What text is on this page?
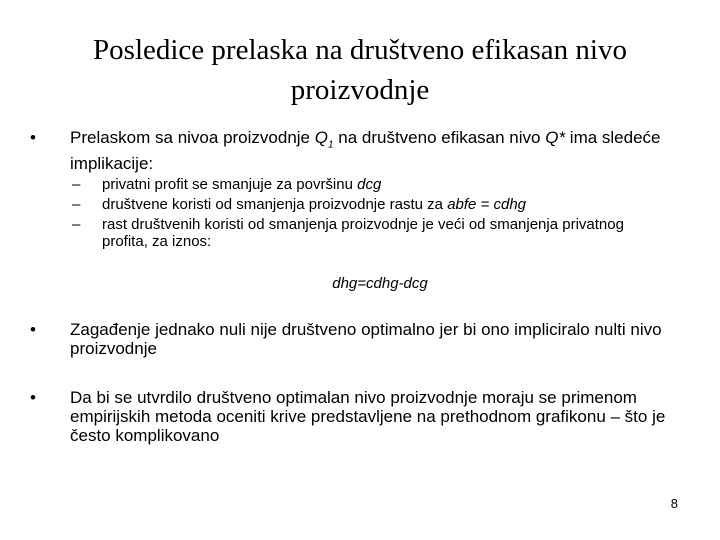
Posledice prelaska na društveno efikasan nivo proizvodnje
• Prelaskom sa nivoa proizvodnje $Q_1$ na društveno efikasan nivo Q* ima sledeće implikacije:
– privatni profit se smanjuje za površinu dcg
– društvene koristi od smanjenja proizvodnje rastu za abfe = cdhg
– rast društvenih koristi od smanjenja proizvodnje je veći od smanjenja privatnog profita, za iznos:
dhg=cdhg-dcg
• Zagađenje jednako nuli nije društveno optimalno jer bi ono impliciralo nulti nivo proizvodnje
• Da bi se utvrdilo društveno optimalan nivo proizvodnje moraju se primenom empirijskih metoda oceniti krive predstavljene na prethodnom grafikonu – što je često komplikovano
8
